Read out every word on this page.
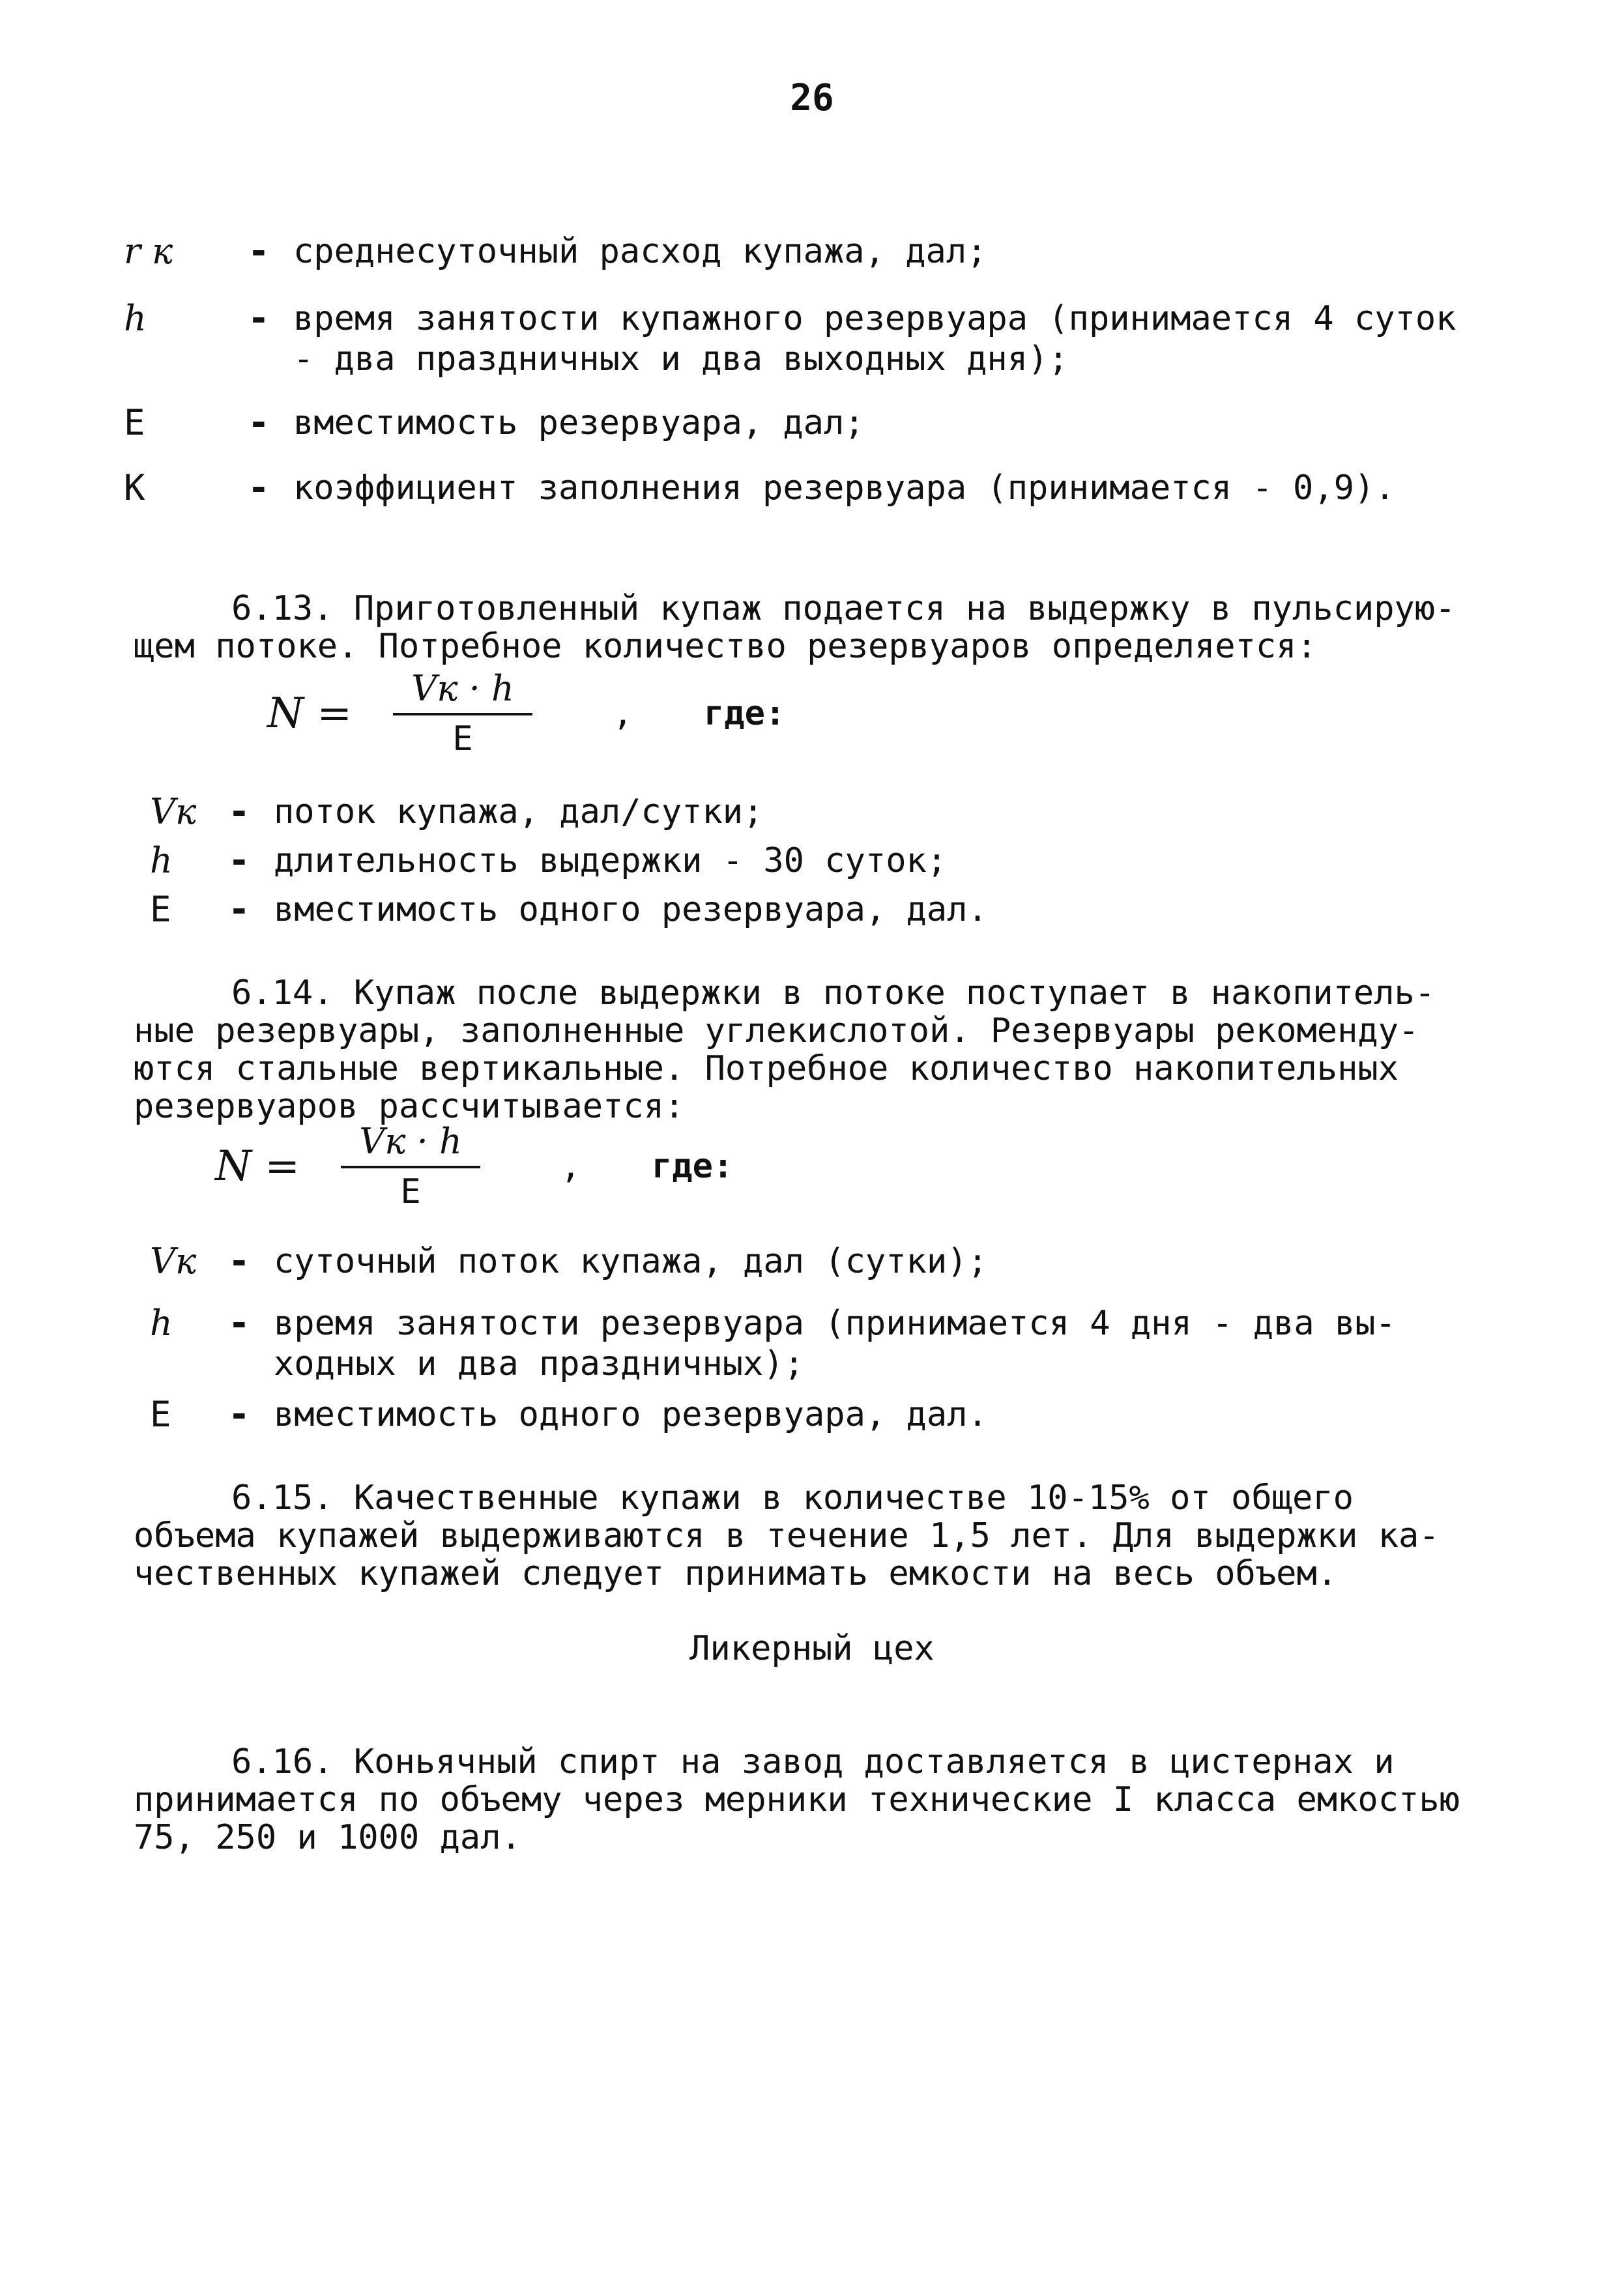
26
r к	- среднесуточный расход купажа, дал;
h	- время занятости купажного резервуара (принимается 4 суток
- два праздничных и два выходных дня);
Е	- вместимость резервуара, дал;
К	- коэффициент заполнения резервуара (принимается - 0,9).
6.13. Приготовленный купаж подается на выдержку в пульсирую-
щем потоке. Потребное количество резервуаров определяется:
$N = \frac{Vк \cdot h}{Е}$ ,	где:
Vк - поток купажа, дал/сутки;
h	- длительность выдержки - 30 суток;
Е	- вместимость одного резервуара, дал.
6.14. Купаж после выдержки в потоке поступает в накопитель-
ные резервуары, заполненные углекислотой. Резервуары рекоменду-
ются стальные вертикальные. Потребное количество накопительных
резервуаров рассчитывается:
$N = \frac{Vк \cdot h}{Е}$ ,	где:
Vк - суточный поток купажа, дал (сутки);
h	- время занятости резервуара (принимается 4 дня - два вы-
ходных и два праздничных);
Е	- вместимость одного резервуара, дал.
6.15. Качественные купажи в количестве 10-15% от общего
объема купажей выдерживаются в течение 1,5 лет. Для выдержки ка-
чественных купажей следует принимать емкости на весь объем.
Ликерный цех
6.16. Коньячный спирт на завод доставляется в цистернах и
принимается по объему через мерники технические I класса емкостью
75, 250 и 1000 дал.
